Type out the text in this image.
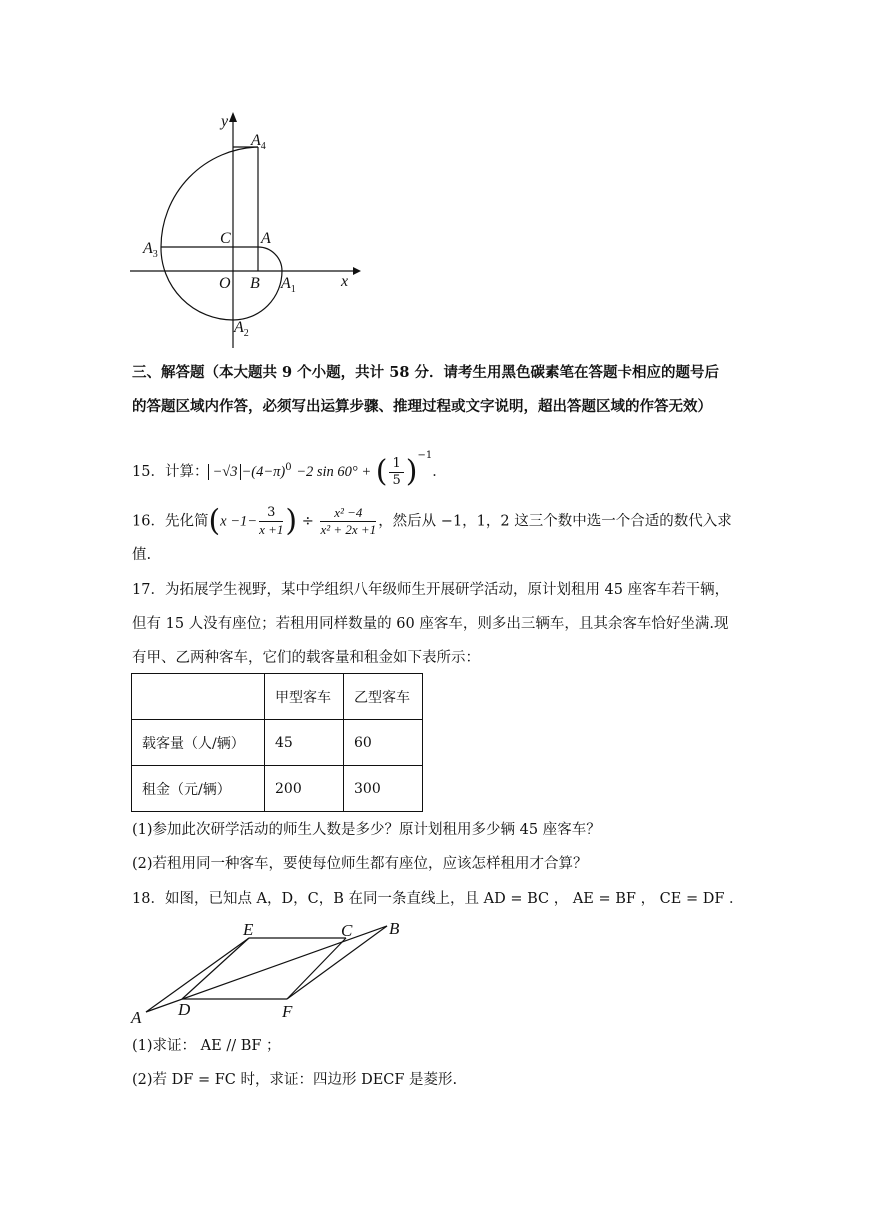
y
x
$A_4$
C A
$A_3$
O B $A_1$
$A_2$
三、解答题（本大题共 9 个小题，共计 58 分．请考生用黑色碳素笔在答题卡相应的题号后
的答题区域内作答，必须写出运算步骤、推理过程或文字说明，超出答题区域的作答无效）
15．计算： $-√3 -(4-\pi)^0 -2$ sin 60° + ( $\frac{1}{5} )^{-1}$．
16．先化简($x -1- \frac{3}{x +1}$ ) ÷ $\frac{\text{x² −4}}{\text{x² + 2x +1}}$ ，然后从 −1，1，2 这三个数中选一个合适的数代入求
值.
17．为拓展学生视野，某中学组织八年级师生开展研学活动，原计划租用 45 座客车若干辆，
但有 15 人没有座位；若租用同样数量的 60 座客车，则多出三辆车，且其余客车恰好坐满.现
有甲、乙两种客车，它们的载客量和租金如下表所示：
	甲型客车	乙型客车
载客量（人/辆）	45	60
租金（元/辆）	200	300
(1)参加此次研学活动的师生人数是多少？原计划租用多少辆 45 座客车？
(2)若租用同一种客车，要使每位师生都有座位，应该怎样租用才合算？
18．如图，已知点 A，D，C，B 在同一条直线上，且 AD = BC ， AE = BF ， CE = DF ．
E	C B
A D	F
(1)求证： AE // BF ；
(2)若 DF = FC 时，求证：四边形 DECF 是菱形.
